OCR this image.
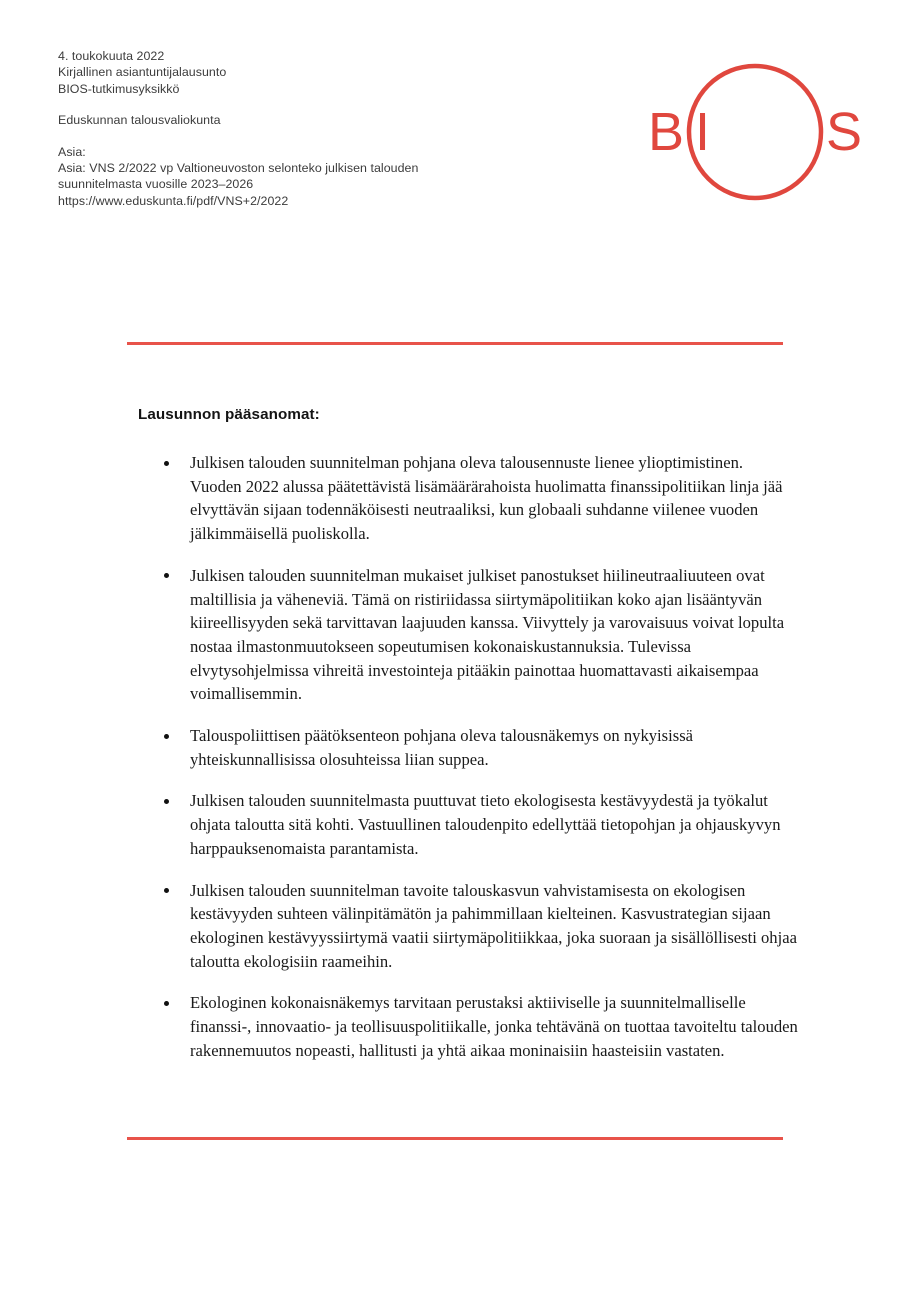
4. toukokuuta 2022
Kirjallinen asiantuntijalausunto
BIOS-tutkimusyksikkö

Eduskunnan talousvaliokunta

Asia:
Asia: VNS 2/2022 vp Valtioneuvoston selonteko julkisen talouden
suunnitelmasta vuosille 2023–2026
https://www.eduskunta.fi/pdf/VNS+2/2022

B I S
Lausunnon pääsanomat:
Julkisen talouden suunnitelman pohjana oleva talousennuste lienee ylioptimistinen. Vuoden 2022 alussa päätettävistä lisämäärärahoista huolimatta finanssipolitiikan linja jää elvyttävän sijaan todennäköisesti neutraaliksi, kun globaali suhdanne viilenee vuoden jälkimmäisellä puoliskolla.
Julkisen talouden suunnitelman mukaiset julkiset panostukset hiilineutraaliuuteen ovat maltillisia ja väheneviä. Tämä on ristiriidassa siirtymäpolitiikan koko ajan lisääntyvän kiireellisyyden sekä tarvittavan laajuuden kanssa. Viivyttely ja varovaisuus voivat lopulta nostaa ilmastonmuutokseen sopeutumisen kokonaiskustannuksia. Tulevissa elvytysohjelmissa vihreitä investointeja pitääkin painottaa huomattavasti aikaisempaa voimallisemmin.
Talouspoliittisen päätöksenteon pohjana oleva talousnäkemys on nykyisissä yhteiskunnallisissa olosuhteissa liian suppea.
Julkisen talouden suunnitelmasta puuttuvat tieto ekologisesta kestävyydestä ja työkalut ohjata taloutta sitä kohti. Vastuullinen taloudenpito edellyttää tietopohjan ja ohjauskyvyn harppauksenomaista parantamista.
Julkisen talouden suunnitelman tavoite talouskasvun vahvistamisesta on ekologisen kestävyyden suhteen välinpitämätön ja pahimmillaan kielteinen. Kasvustrategian sijaan ekologinen kestävyyssiirtymä vaatii siirtymäpolitiikkaa, joka suoraan ja sisällöllisesti ohjaa taloutta ekologisiin raameihin.
Ekologinen kokonaisnäkemys tarvitaan perustaksi aktiiviselle ja suunnitelmalliselle finanssi-, innovaatio- ja teollisuuspolitiikalle, jonka tehtävänä on tuottaa tavoiteltu talouden rakennemuutos nopeasti, hallitusti ja yhtä aikaa moninaisiin haasteisiin vastaten.
